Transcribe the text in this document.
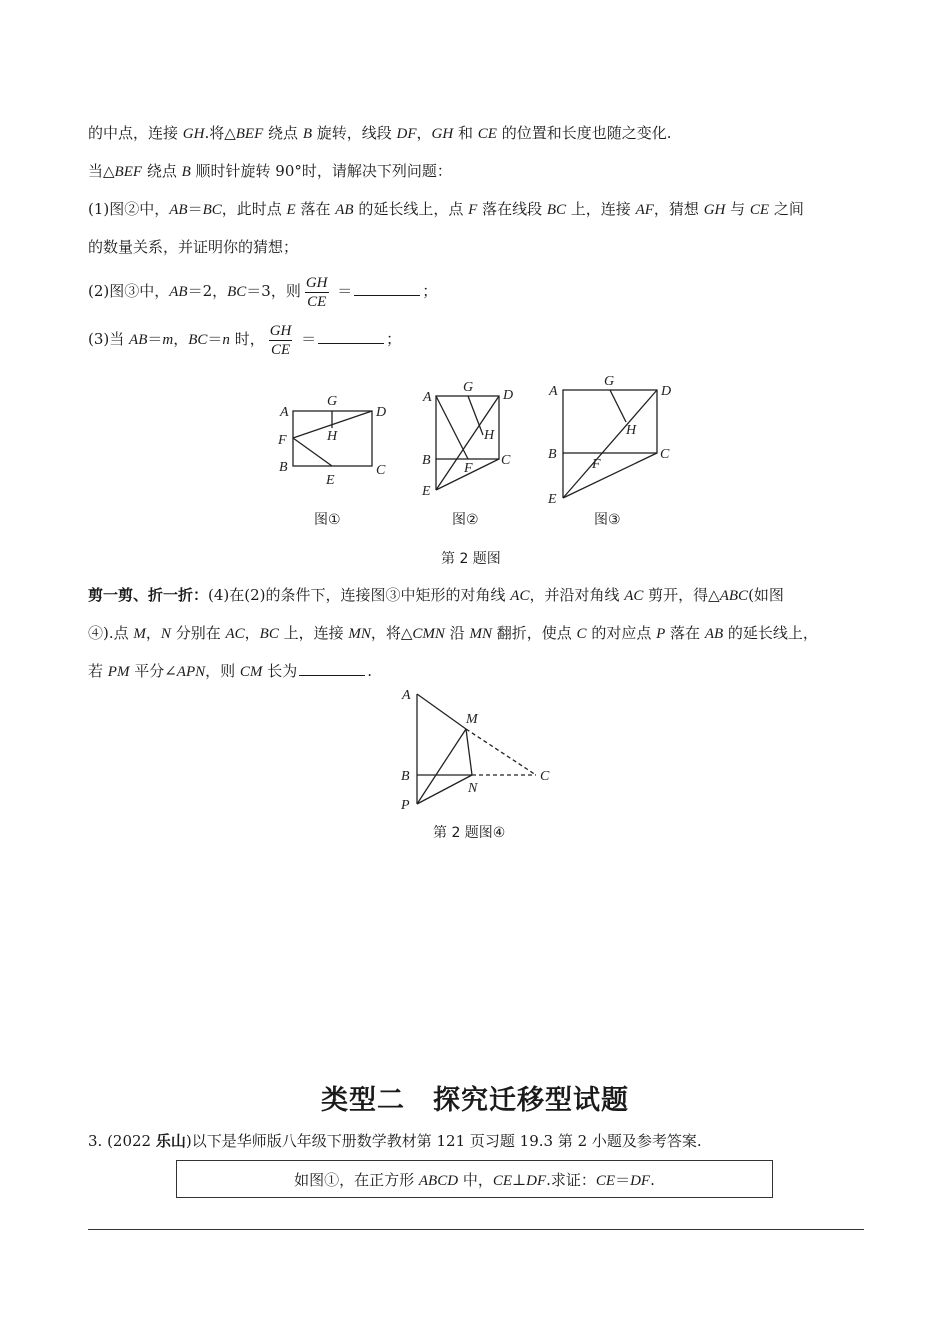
的中点，连接 GH.将△BEF 绕点 B 旋转，线段 DF，GH 和 CE 的位置和长度也随之变化.
当△BEF 绕点 B 顺时针旋转 90°时，请解决下列问题：
(1)图②中，AB＝BC，此时点 E 落在 AB 的延长线上，点 F 落在线段 BC 上，连接 AF，猜想 GH 与 CE 之间
的数量关系，并证明你的猜想；
(2)图③中，AB＝2，BC＝3，则 $\frac{GH}{CE}$ ＝	；
(3)当 AB＝m，BC＝n 时， $\frac{GH}{CE}$ ＝	；
A
G
D
F	H
B
E
C
A
G
D
H
B
F
C
E
A
G
D
H
B
F
C
E
A
M
B	C
N
P
图①	图②	图③
第 2 题图
剪一剪、折一折：(4)在(2)的条件下，连接图③中矩形的对角线 AC，并沿对角线 AC 剪开，得△ABC(如图
④).点 M，N 分别在 AC，BC 上，连接 MN，将△CMN 沿 MN 翻折，使点 C 的对应点 P 落在 AB 的延长线上，
若 PM 平分∠APN，则 CM 长为	.
第 2 题图④
类型二　探究迁移型试题
3. (2022 乐山)以下是华师版八年级下册数学教材第 121 页习题 19.3 第 2 小题及参考答案.
如图①，在正方形 ABCD 中，CE⊥DF.求证：CE＝DF.
